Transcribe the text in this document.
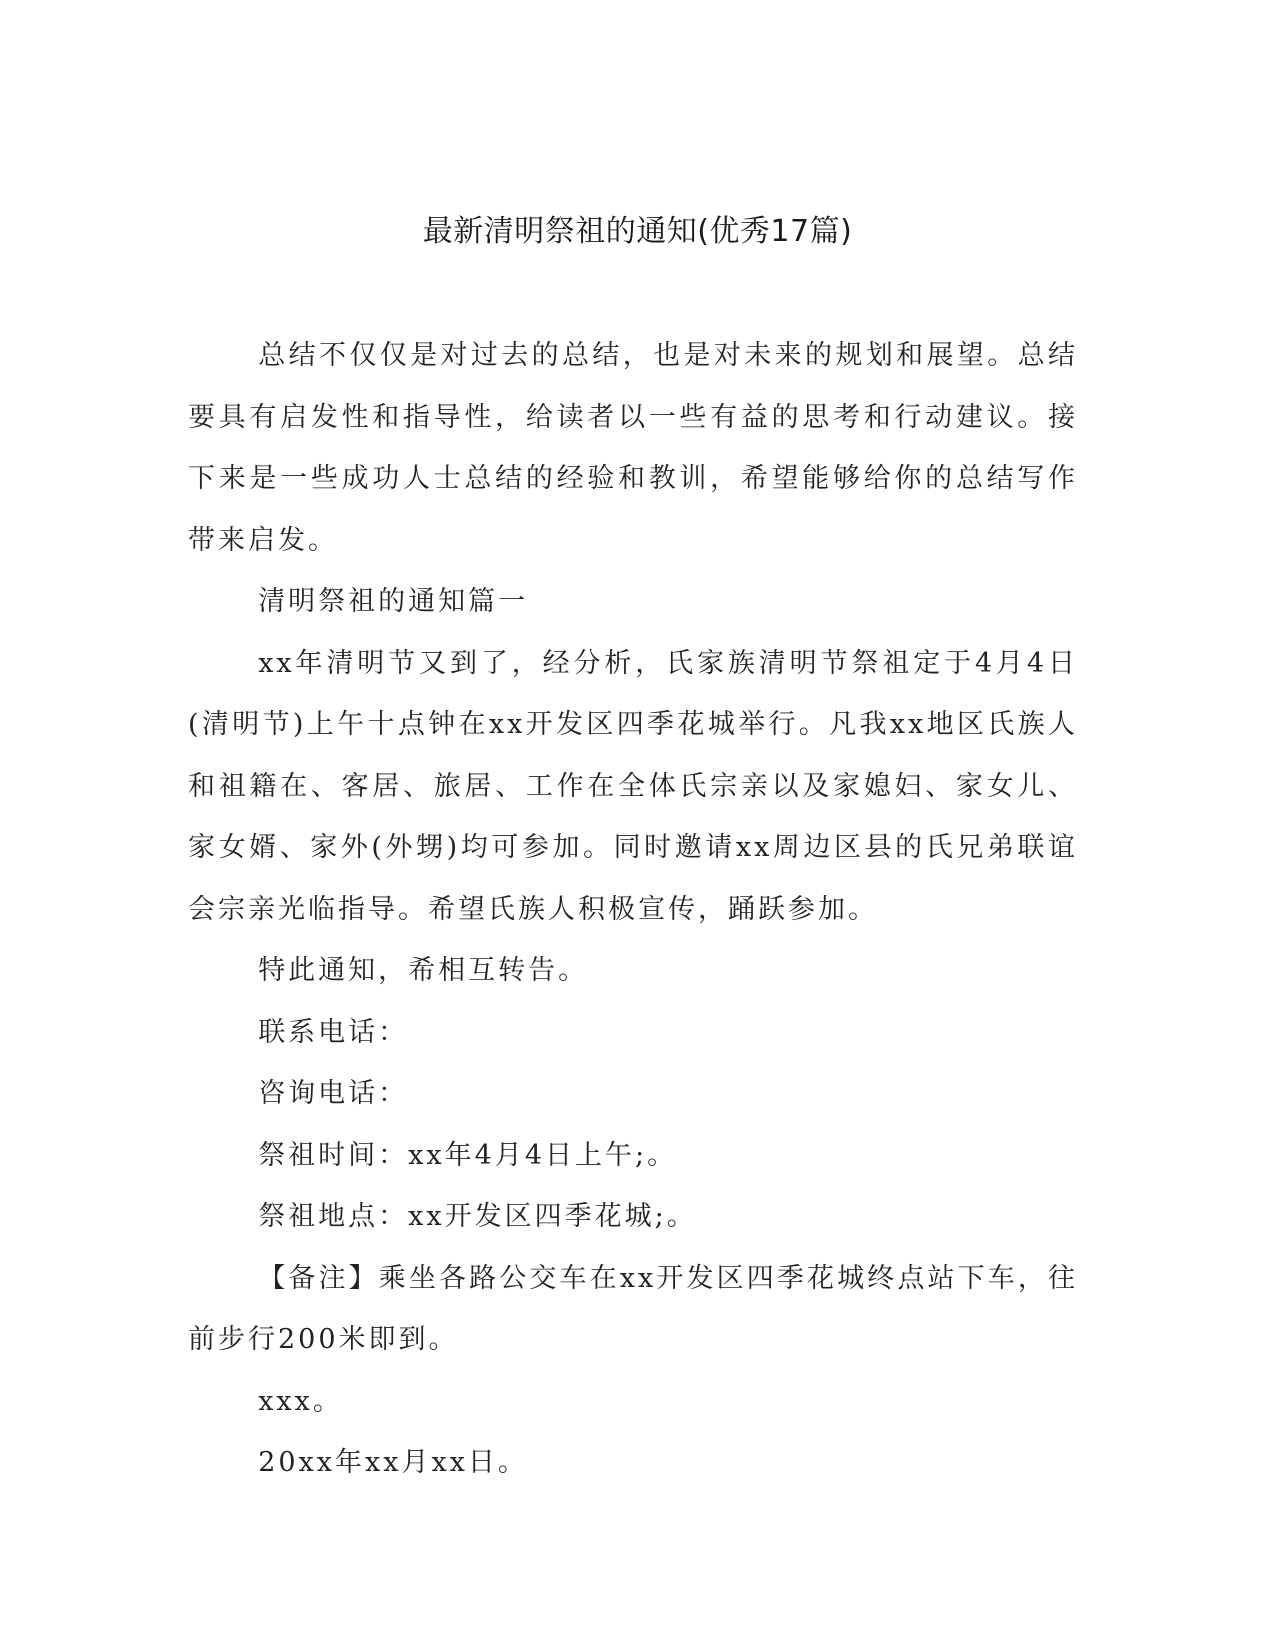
最新清明祭祖的通知(优秀17篇)

总结不仅仅是对过去的总结，也是对未来的规划和展望。总结要具有启发性和指导性，给读者以一些有益的思考和行动建议。接下来是一些成功人士总结的经验和教训，希望能够给你的总结写作带来启发。

清明祭祖的通知篇一

xx年清明节又到了，经分析，氏家族清明节祭祖定于4月4日(清明节)上午十点钟在xx开发区四季花城举行。凡我xx地区氏族人和祖籍在、客居、旅居、工作在全体氏宗亲以及家媳妇、家女儿、家女婿、家外(外甥)均可参加。同时邀请xx周边区县的氏兄弟联谊会宗亲光临指导。希望氏族人积极宣传，踊跃参加。

特此通知，希相互转告。

联系电话：

咨询电话：

祭祖时间：xx年4月4日上午;。

祭祖地点：xx开发区四季花城;。

【备注】乘坐各路公交车在xx开发区四季花城终点站下车，往前步行200米即到。

xxx。

20xx年xx月xx日。
